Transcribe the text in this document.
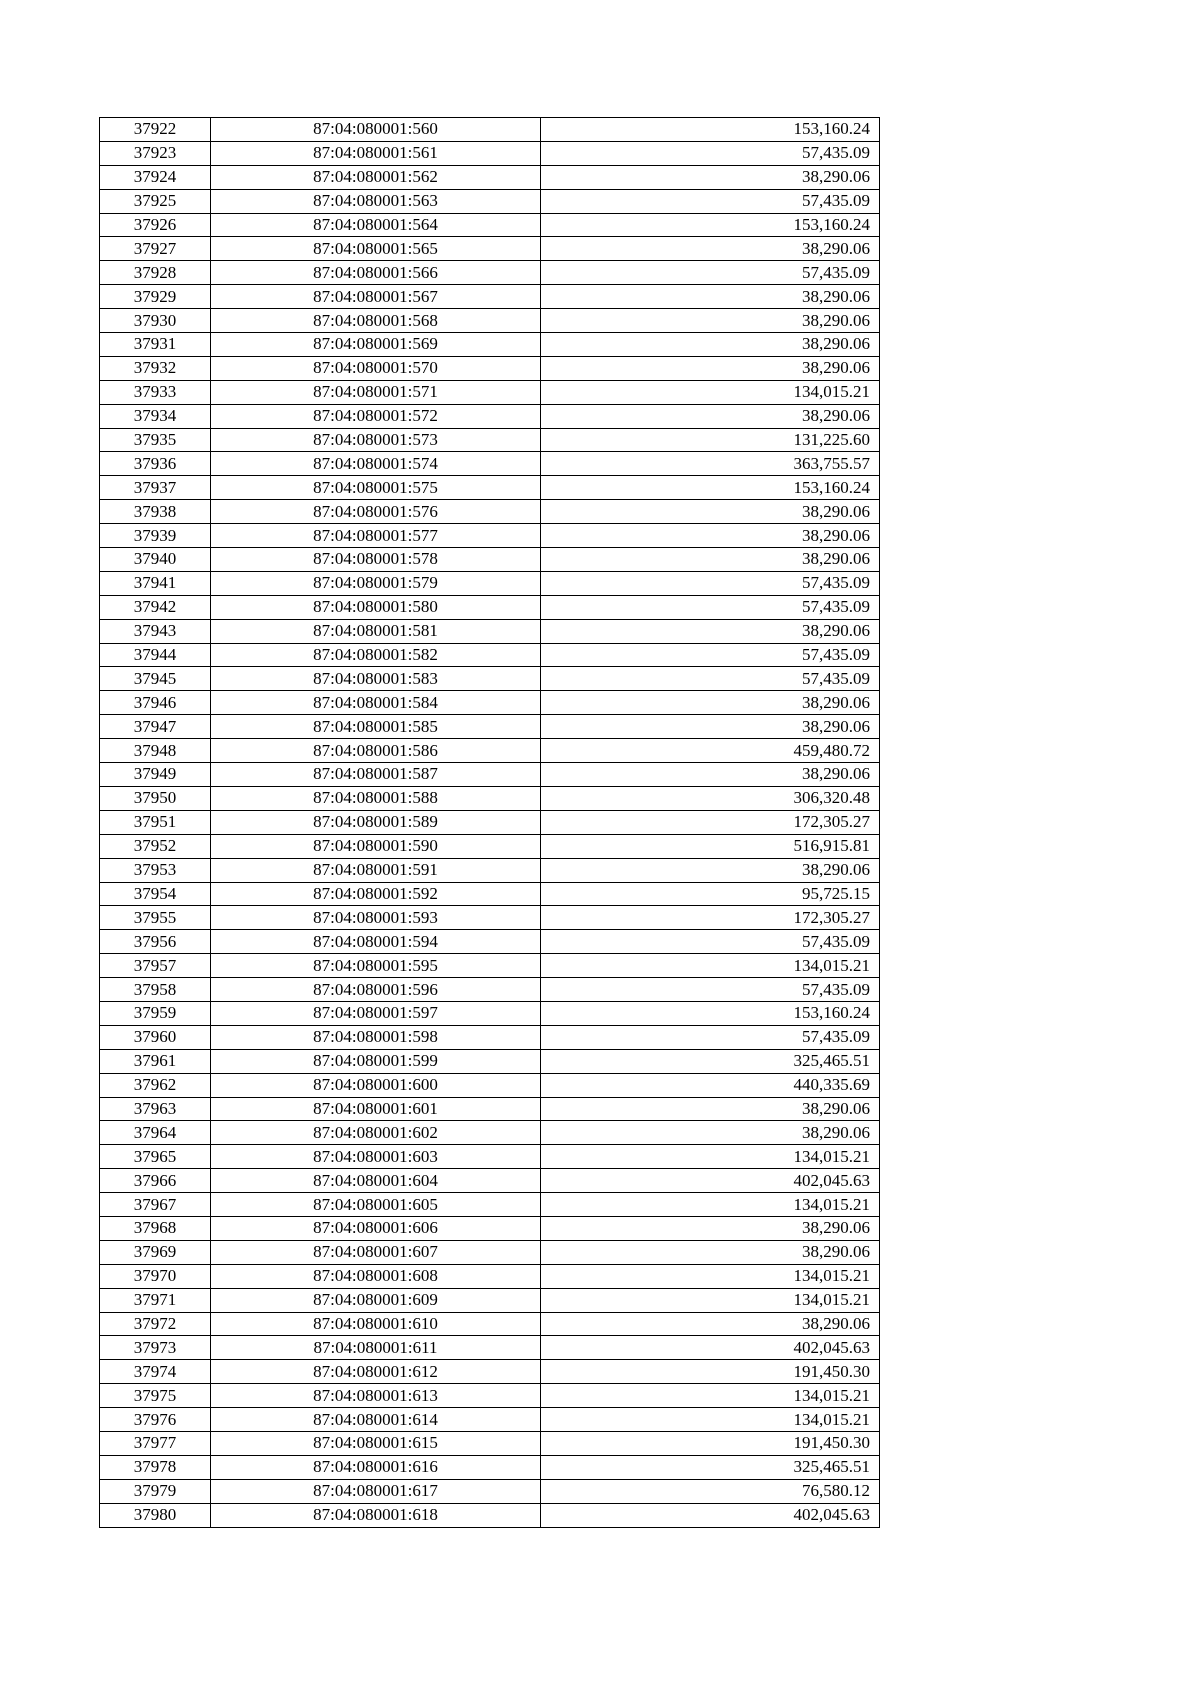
37922	87:04:080001:560	153,160.24
37923	87:04:080001:561	57,435.09
37924	87:04:080001:562	38,290.06
37925	87:04:080001:563	57,435.09
37926	87:04:080001:564	153,160.24
37927	87:04:080001:565	38,290.06
37928	87:04:080001:566	57,435.09
37929	87:04:080001:567	38,290.06
37930	87:04:080001:568	38,290.06
37931	87:04:080001:569	38,290.06
37932	87:04:080001:570	38,290.06
37933	87:04:080001:571	134,015.21
37934	87:04:080001:572	38,290.06
37935	87:04:080001:573	131,225.60
37936	87:04:080001:574	363,755.57
37937	87:04:080001:575	153,160.24
37938	87:04:080001:576	38,290.06
37939	87:04:080001:577	38,290.06
37940	87:04:080001:578	38,290.06
37941	87:04:080001:579	57,435.09
37942	87:04:080001:580	57,435.09
37943	87:04:080001:581	38,290.06
37944	87:04:080001:582	57,435.09
37945	87:04:080001:583	57,435.09
37946	87:04:080001:584	38,290.06
37947	87:04:080001:585	38,290.06
37948	87:04:080001:586	459,480.72
37949	87:04:080001:587	38,290.06
37950	87:04:080001:588	306,320.48
37951	87:04:080001:589	172,305.27
37952	87:04:080001:590	516,915.81
37953	87:04:080001:591	38,290.06
37954	87:04:080001:592	95,725.15
37955	87:04:080001:593	172,305.27
37956	87:04:080001:594	57,435.09
37957	87:04:080001:595	134,015.21
37958	87:04:080001:596	57,435.09
37959	87:04:080001:597	153,160.24
37960	87:04:080001:598	57,435.09
37961	87:04:080001:599	325,465.51
37962	87:04:080001:600	440,335.69
37963	87:04:080001:601	38,290.06
37964	87:04:080001:602	38,290.06
37965	87:04:080001:603	134,015.21
37966	87:04:080001:604	402,045.63
37967	87:04:080001:605	134,015.21
37968	87:04:080001:606	38,290.06
37969	87:04:080001:607	38,290.06
37970	87:04:080001:608	134,015.21
37971	87:04:080001:609	134,015.21
37972	87:04:080001:610	38,290.06
37973	87:04:080001:611	402,045.63
37974	87:04:080001:612	191,450.30
37975	87:04:080001:613	134,015.21
37976	87:04:080001:614	134,015.21
37977	87:04:080001:615	191,450.30
37978	87:04:080001:616	325,465.51
37979	87:04:080001:617	76,580.12
37980	87:04:080001:618	402,045.63
